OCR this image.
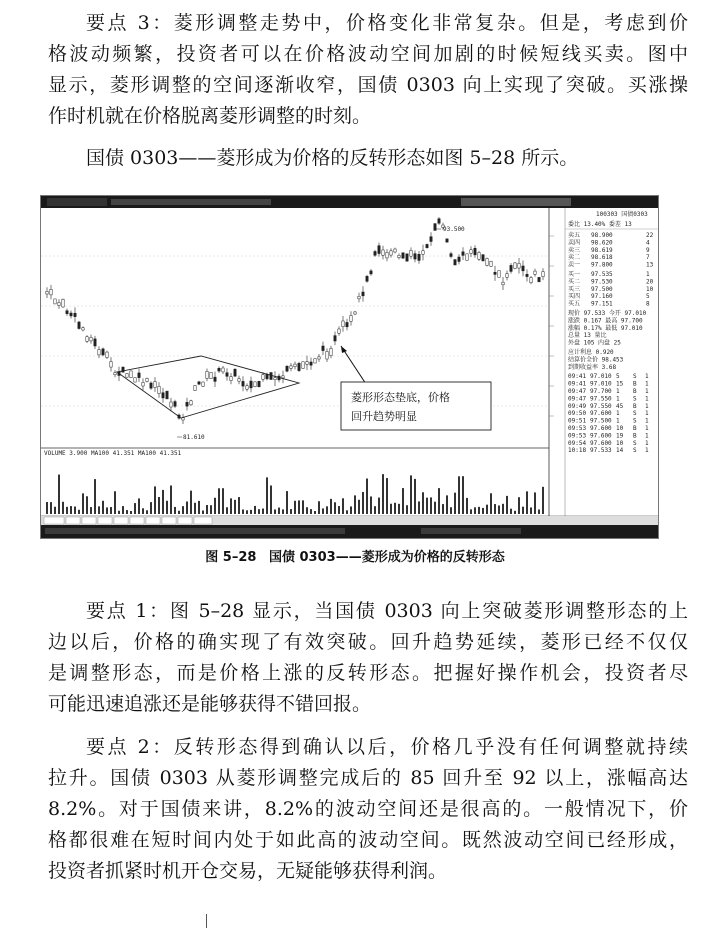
要点 3：菱形调整走势中，价格变化非常复杂。但是，考虑到价
格波动频繁，投资者可以在价格波动空间加剧的时候短线买卖。图中
显示，菱形调整的空间逐渐收窄，国债 0303 向上实现了突破。买涨操
作时机就在价格脱离菱形调整的时刻。
国债 0303——菱形成为价格的反转形态如图 5–28 所示。
93.500
81.610
菱形形态垫底，价格
回升趋势明显
VOLUME 3.900 MA100 41.351 MA100 41.351
100303 国债0303
委比 13.40% 委差 13
卖五 98.900	22
卖四 98.620	4
卖三 98.619	9
卖二 98.618	7
卖一 97.800	13
买一 97.535	1
买二 97.530	20
买三 97.500	10
买四 97.160	5
买五 97.151	8
现价 97.533 今开 97.010
涨跌 0.167 最高 97.700
涨幅 0.17% 最低 97.010
总量 13 量比
外盘 105 内盘 25
应计利息 0.920
结算价全价 98.453
到期收益率 3.68
09:41 97.010 5 S 1
09:41 97.010 15 B 1
09:47 97.700 1 B 1
09:47 97.550 1 S 1
09:49 97.550 45 B 1
09:50 97.600 1 S 1
09:51 97.500 1 S 1
09:53 97.600 10 B 1
09:53 97.600 19 B 1
09:54 97.600 10 S 1
10:18 97.533 14 S 1
图 5–28 国债 0303——菱形成为价格的反转形态
要点 1：图 5–28 显示，当国债 0303 向上突破菱形调整形态的上
边以后，价格的确实现了有效突破。回升趋势延续，菱形已经不仅仅
是调整形态，而是价格上涨的反转形态。把握好操作机会，投资者尽
可能迅速追涨还是能够获得不错回报。
要点 2：反转形态得到确认以后，价格几乎没有任何调整就持续
拉升。国债 0303 从菱形调整完成后的 85 回升至 92 以上，涨幅高达
8.2%。对于国债来讲，8.2%的波动空间还是很高的。一般情况下，价
格都很难在短时间内处于如此高的波动空间。既然波动空间已经形成，
投资者抓紧时机开仓交易，无疑能够获得利润。
